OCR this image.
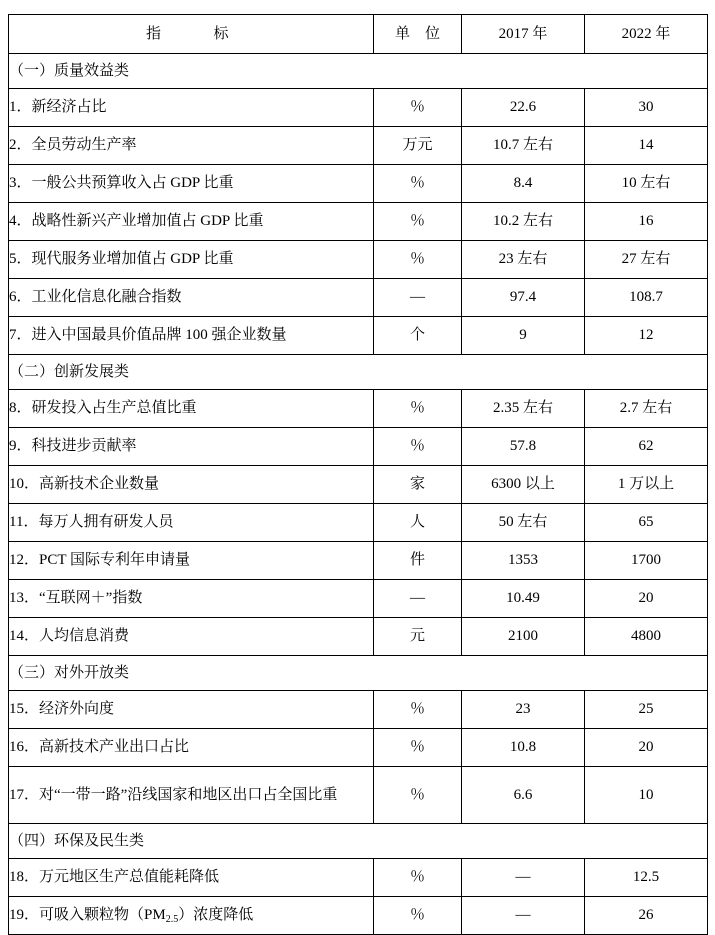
指　　标	单　位	2017 年	2022 年
（一）质量效益类			
1．新经济占比	％	22.6	30
2．全员劳动生产率	万元	10.7 左右	14
3．一般公共预算收入占 GDP 比重	％	8.4	10 左右
4．战略性新兴产业增加值占 GDP 比重	％	10.2 左右	16
5．现代服务业增加值占 GDP 比重	％	23 左右	27 左右
6．工业化信息化融合指数	—	97.4	108.7
7．进入中国最具价值品牌 100 强企业数量	个	9	12
（二）创新发展类			
8．研发投入占生产总值比重	％	2.35 左右	2.7 左右
9．科技进步贡献率	％	57.8	62
10．高新技术企业数量	家	6300 以上	1 万以上
11．每万人拥有研发人员	人	50 左右	65
12．PCT 国际专利年申请量	件	1353	1700
13．“互联网＋”指数	—	10.49	20
14．人均信息消费	元	2100	4800
（三）对外开放类			
15．经济外向度	％	23	25
16．高新技术产业出口占比	％	10.8	20
17．对“一带一路”沿线国家和地区出口占全国比重	％	6.6	10
（四）环保及民生类			
18．万元地区生产总值能耗降低	％	—	12.5
19．可吸入颗粒物$(PM_{2.5})$浓度降低	％	—	26
